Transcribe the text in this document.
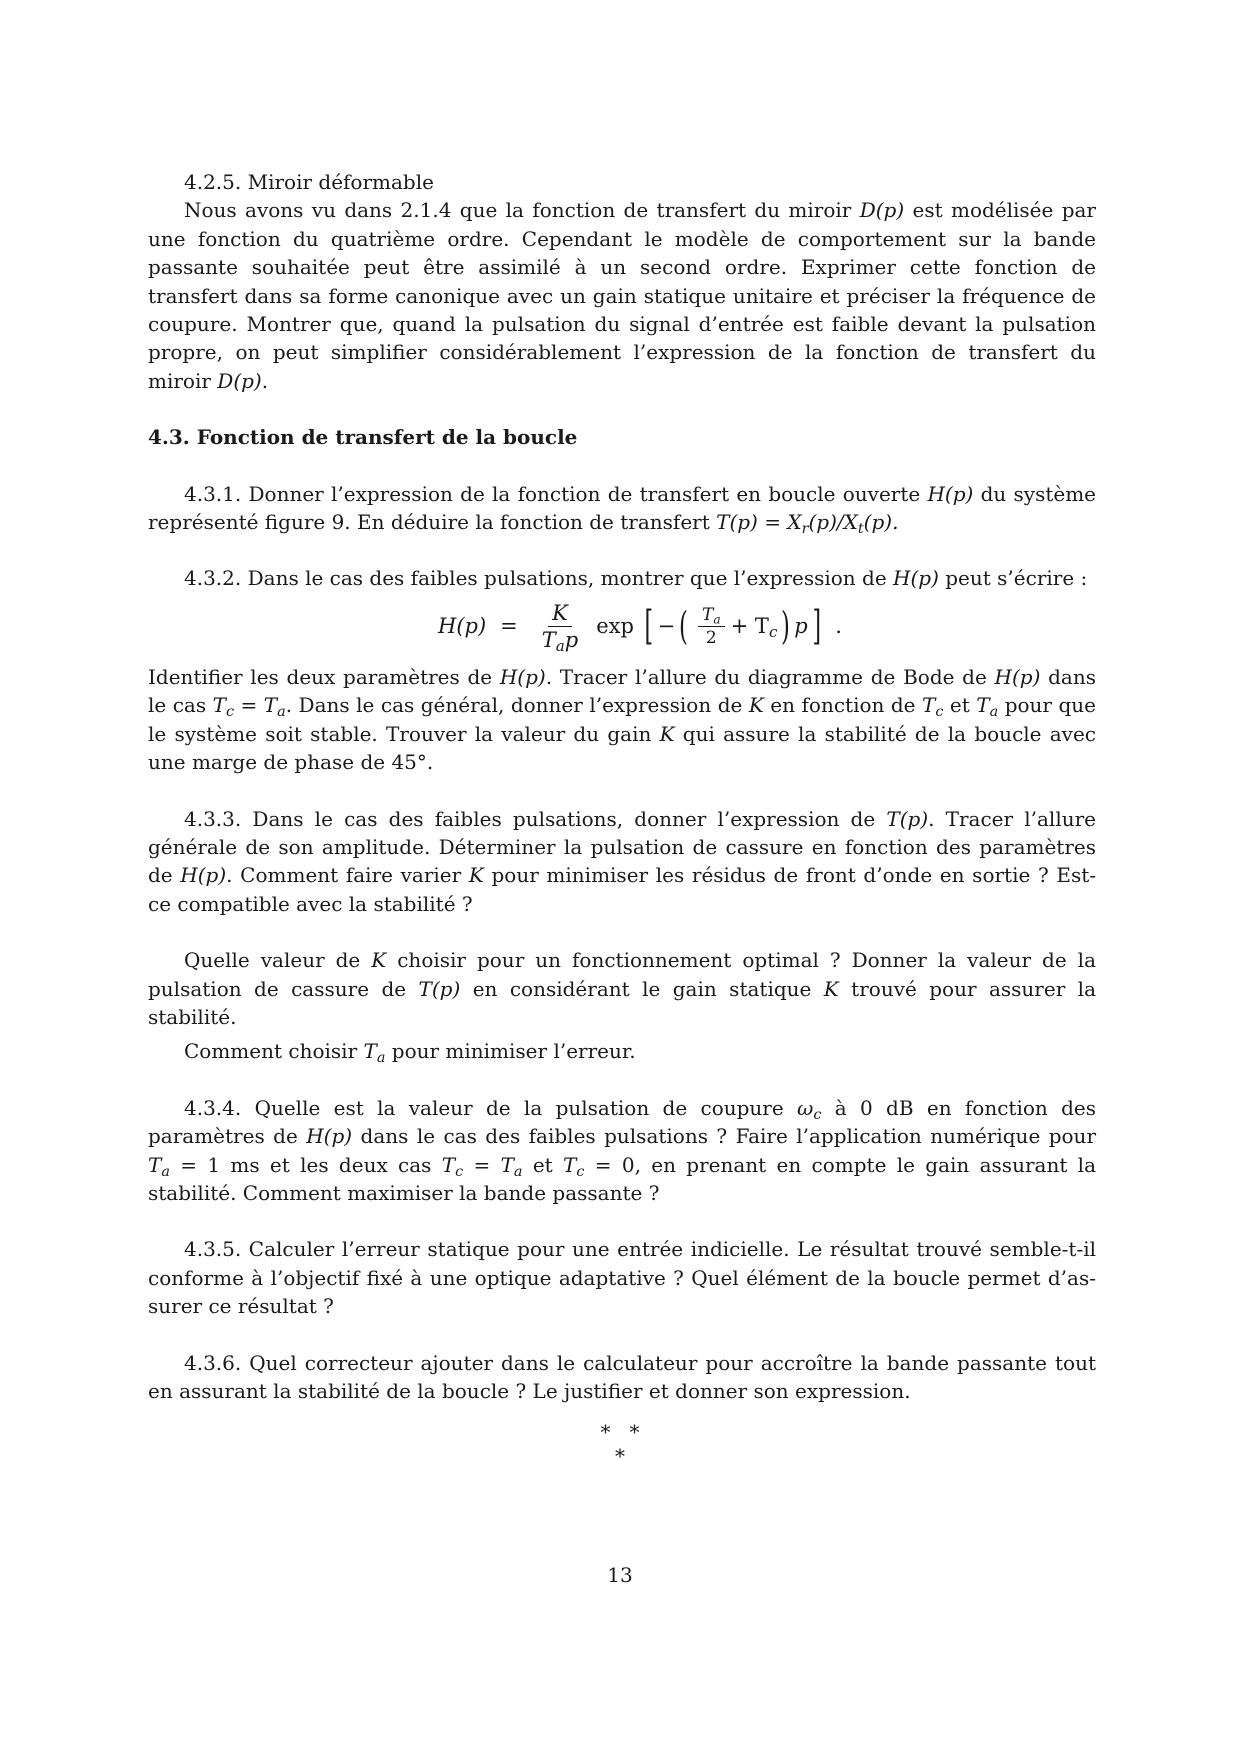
4.2.5. Miroir déformable

Nous avons vu dans 2.1.4 que la fonction de transfert du miroir D(p) est modélisée par une fonction du quatrième ordre. Cependant le modèle de comportement sur la bande passante souhaitée peut être assimilé à un second ordre. Exprimer cette fonction de transfert dans sa forme canonique avec un gain statique unitaire et préciser la fréquence de coupure. Montrer que, quand la pulsation du signal d’entrée est faible devant la pulsation propre, on peut simplifier considérablement l’expression de la fonction de transfert du miroir D(p).

4.3. Fonction de transfert de la boucle

4.3.1. Donner l’expression de la fonction de transfert en boucle ouverte H(p) du système représenté figure 9. En déduire la fonction de transfert $T(p) = X_r(p)/X_t(p)$.

4.3.2. Dans le cas des faibles pulsations, montrer que l’expression de H(p) peut s’écrire :

$H(p) = \frac{K}{T_ap}$ exp [ − ( $\frac{T_a}{2} + T_c$ ) p ] .

Identifier les deux paramètres de H(p). Tracer l’allure du diagramme de Bode de H(p) dans le cas $T_c = T_a$. Dans le cas général, donner l’expression de K en fonction de $T_c$ et $T_a$ pour que le système soit stable. Trouver la valeur du gain K qui assure la stabilité de la boucle avec une marge de phase de 45°.

4.3.3. Dans le cas des faibles pulsations, donner l’expression de T(p). Tracer l’allure générale de son amplitude. Déterminer la pulsation de cassure en fonction des paramètres de H(p). Comment faire varier K pour minimiser les résidus de front d’onde en sortie ? Est-ce compatible avec la stabilité ?

Quelle valeur de K choisir pour un fonctionnement optimal ? Donner la valeur de la pulsation de cassure de T(p) en considérant le gain statique K trouvé pour assurer la stabilité.

Comment choisir $T_a$ pour minimiser l’erreur.

4.3.4. Quelle est la valeur de la pulsation de coupure $\omega_c$ à 0 dB en fonction des paramètres de H(p) dans le cas des faibles pulsations ? Faire l’application numérique pour $T_a = 1$ ms et les deux cas $T_c = T_a$ et $T_c = 0$, en prenant en compte le gain assurant la stabilité. Comment maximiser la bande passante ?

4.3.5. Calculer l’erreur statique pour une entrée indicielle. Le résultat trouvé semble-t-il conforme à l’objectif fixé à une optique adaptative ? Quel élément de la boucle permet d’assurer ce résultat ?

4.3.6. Quel correcteur ajouter dans le calculateur pour accroître la bande passante tout en assurant la stabilité de la boucle ? Le justifier et donner son expression.

*   *
*
13
